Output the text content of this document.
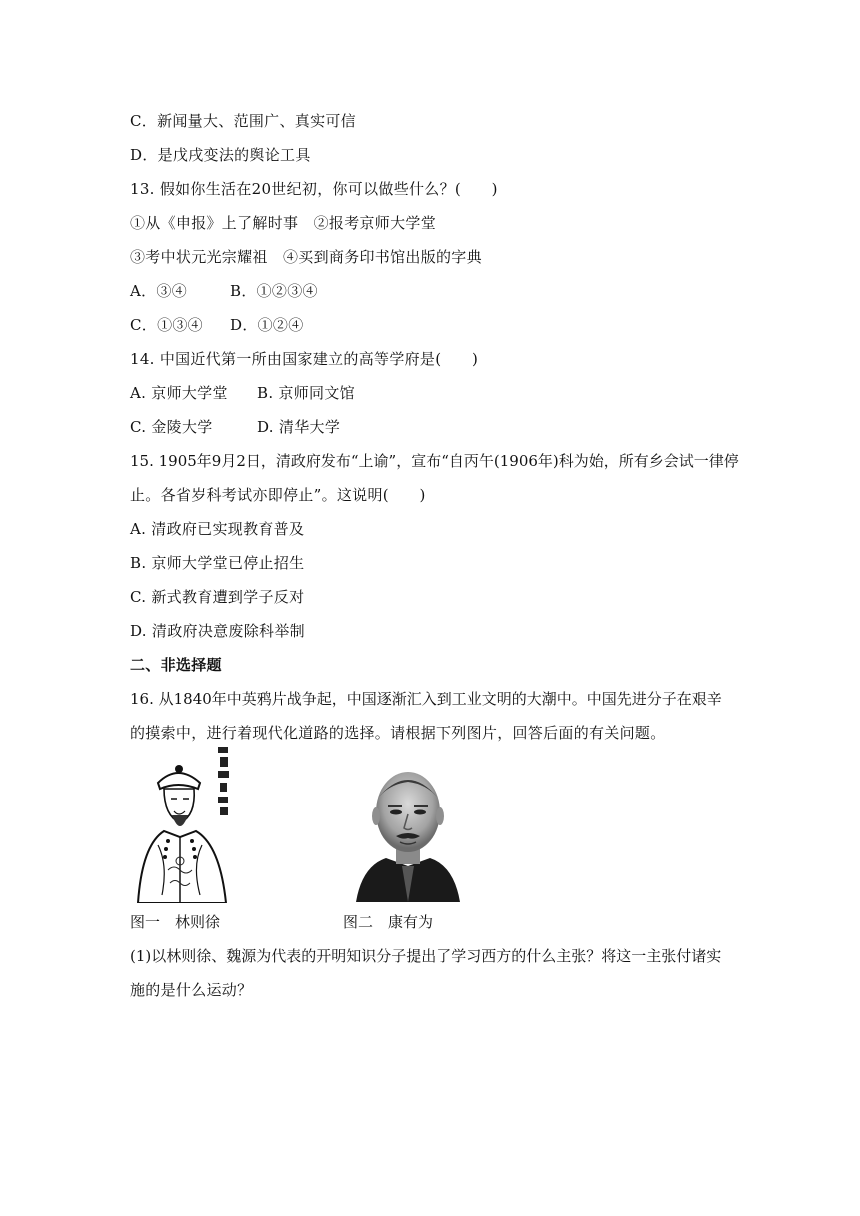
C．新闻量大、范围广、真实可信
D．是戊戌变法的舆论工具
13. 假如你生活在20世纪初，你可以做些什么？(　　)
①从《申报》上了解时事　②报考京师大学堂
③考中状元光宗耀祖　④买到商务印书馆出版的字典
A．③④	B．①②③④
C．①③④ D．①②④
14. 中国近代第一所由国家建立的高等学府是(　　)
A. 京师大学堂 B. 京师同文馆
C. 金陵大学	D. 清华大学
15. 1905年9月2日，清政府发布“上谕”，宣布“自丙午(1906年)科为始，所有乡会试一律停
止。各省岁科考试亦即停止”。这说明(　　)
A. 清政府已实现教育普及
B. 京师大学堂已停止招生
C. 新式教育遭到学子反对
D. 清政府决意废除科举制
二、非选择题
16. 从1840年中英鸦片战争起，中国逐渐汇入到工业文明的大潮中。中国先进分子在艰辛
的摸索中，进行着现代化道路的选择。请根据下列图片，回答后面的有关问题。
图一　林则徐	图二　康有为
(1)以林则徐、魏源为代表的开明知识分子提出了学习西方的什么主张？将这一主张付诸实
施的是什么运动？
